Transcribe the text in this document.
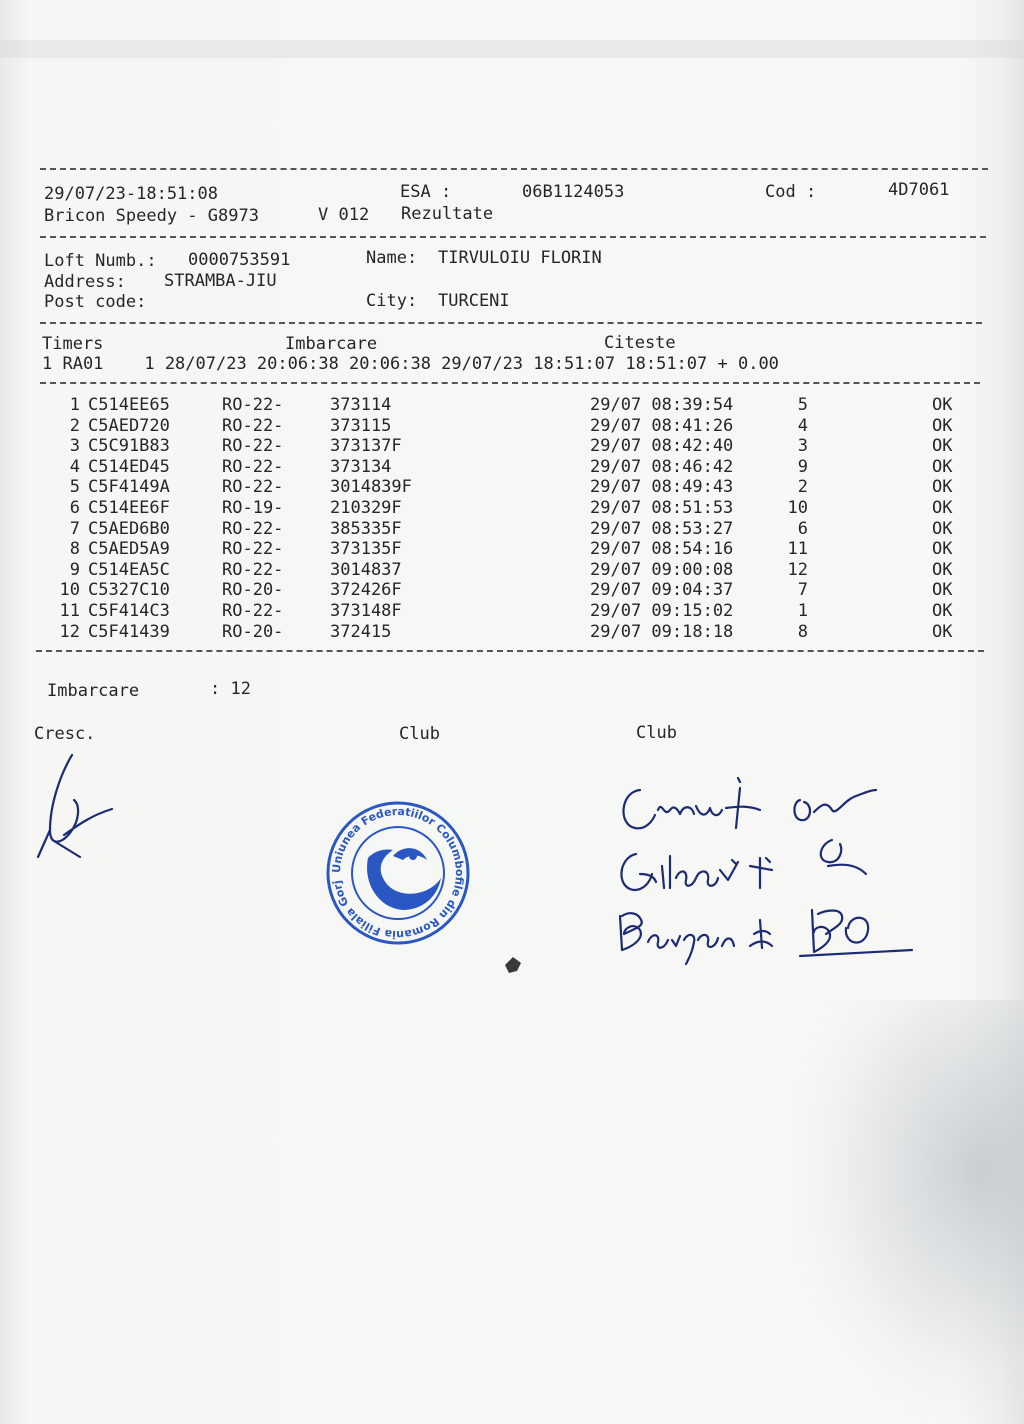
29/07/23-18:51:08	ESA :	06B1124053	Cod :	4D7061
Bricon Speedy - G8973	V 012 Rezultate
Loft Numb.: 0000753591	Name: TIRVULOIU FLORIN
Address: STRAMBA-JIU
Post code:	City: TURCENI
Timers	Imbarcare	Citeste
1 RA01    1 28/07/23 20:06:38 20:06:38 29/07/23 18:51:07 18:51:07 + 0.00
1 C514EE65	RO-22-	373114	29/07 08:39:54	5	OK
2 C5AED720	RO-22-	373115	29/07 08:41:26	4	OK
3 C5C91B83	RO-22-	373137F	29/07 08:42:40	3	OK
4 C514ED45	RO-22-	373134	29/07 08:46:42	9	OK
5 C5F4149A	RO-22-	3014839F	29/07 08:49:43	2	OK
6 C514EE6F	RO-19-	210329F	29/07 08:51:53	10	OK
7 C5AED6B0	RO-22-	385335F	29/07 08:53:27	6	OK
8 C5AED5A9	RO-22-	373135F	29/07 08:54:16	11	OK
9 C514EA5C	RO-22-	3014837	29/07 09:00:08	12	OK
10 C5327C10	RO-20-	372426F	29/07 09:04:37	7	OK
11 C5F414C3	RO-22-	373148F	29/07 09:15:02	1	OK
12 C5F41439	RO-20-	372415	29/07 09:18:18	8	OK
Imbarcare	: 12
Cresc.	Club	Club
Uniunea Federatiilor Columbofile din Romania Filiala Gorj
